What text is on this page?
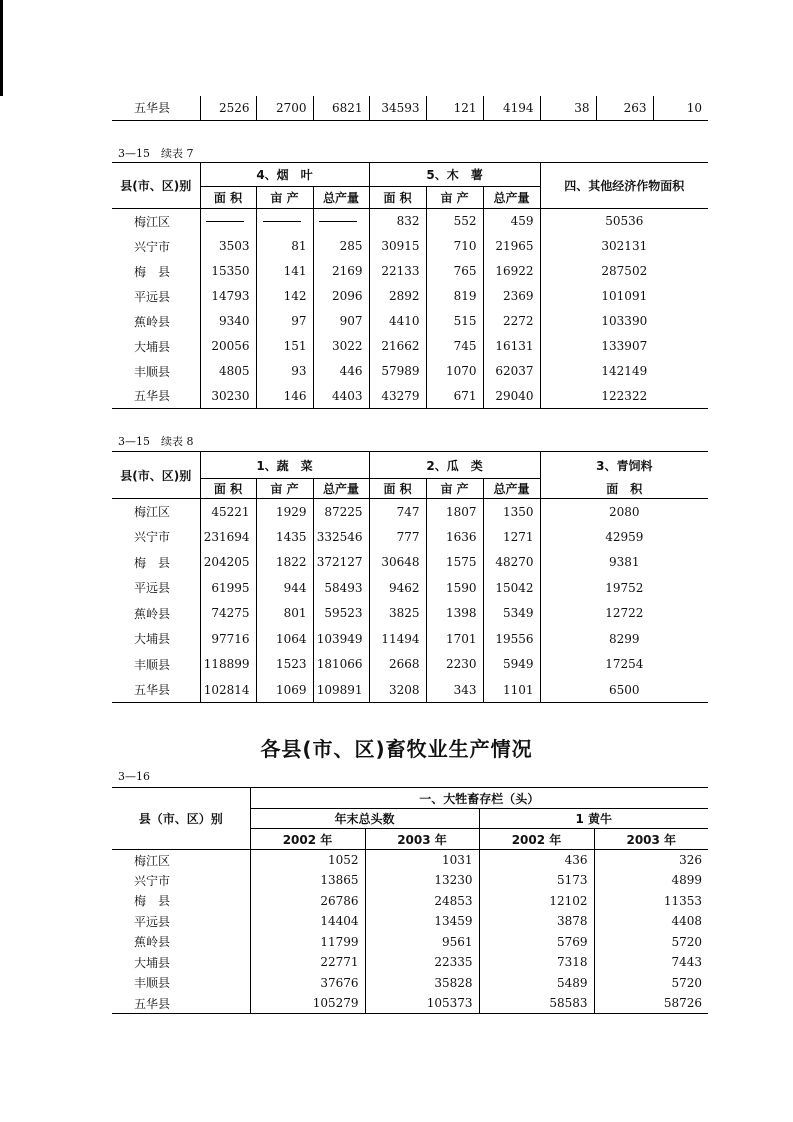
五华县	2526	2700	6821	34593	121	4194	38	263	10
3—15　续表 7
县(市、区)别	4、烟　叶			5、木　薯			四、其他经济作物面积
	面 积	亩 产	总产量	面 积	亩 产	总产量	
梅江区				832	552	459	50536
兴宁市	3503	81	285	30915	710	21965	302131
梅　县	15350	141	2169	22133	765	16922	287502
平远县	14793	142	2096	2892	819	2369	101091
蕉岭县	9340	97	907	4410	515	2272	103390
大埔县	20056	151	3022	21662	745	16131	133907
丰顺县	4805	93	446	57989	1070	62037	142149
五华县	30230	146	4403	43279	671	29040	122322
3—15　续表 8
县(市、区)别	1、蔬　菜			2、瓜　类			3、青饲料
	面 积	亩 产	总产量	面 积	亩 产	总产量	面　积
梅江区	45221	1929	87225	747	1807	1350	2080
兴宁市	231694	1435	332546	777	1636	1271	42959
梅　县	204205	1822	372127	30648	1575	48270	9381
平远县	61995	944	58493	9462	1590	15042	19752
蕉岭县	74275	801	59523	3825	1398	5349	12722
大埔县	97716	1064	103949	11494	1701	19556	8299
丰顺县	118899	1523	181066	2668	2230	5949	17254
五华县	102814	1069	109891	3208	343	1101	6500
各县(市、区)畜牧业生产情况
3—16
县（市、区）别	一、大牲畜存栏（头）			
	年末总头数		1 黄牛	
	2002 年	2003 年	2002 年	2003 年
梅江区	1052	1031	436	326
兴宁市	13865	13230	5173	4899
梅　县	26786	24853	12102	11353
平远县	14404	13459	3878	4408
蕉岭县	11799	9561	5769	5720
大埔县	22771	22335	7318	7443
丰顺县	37676	35828	5489	5720
五华县	105279	105373	58583	58726
